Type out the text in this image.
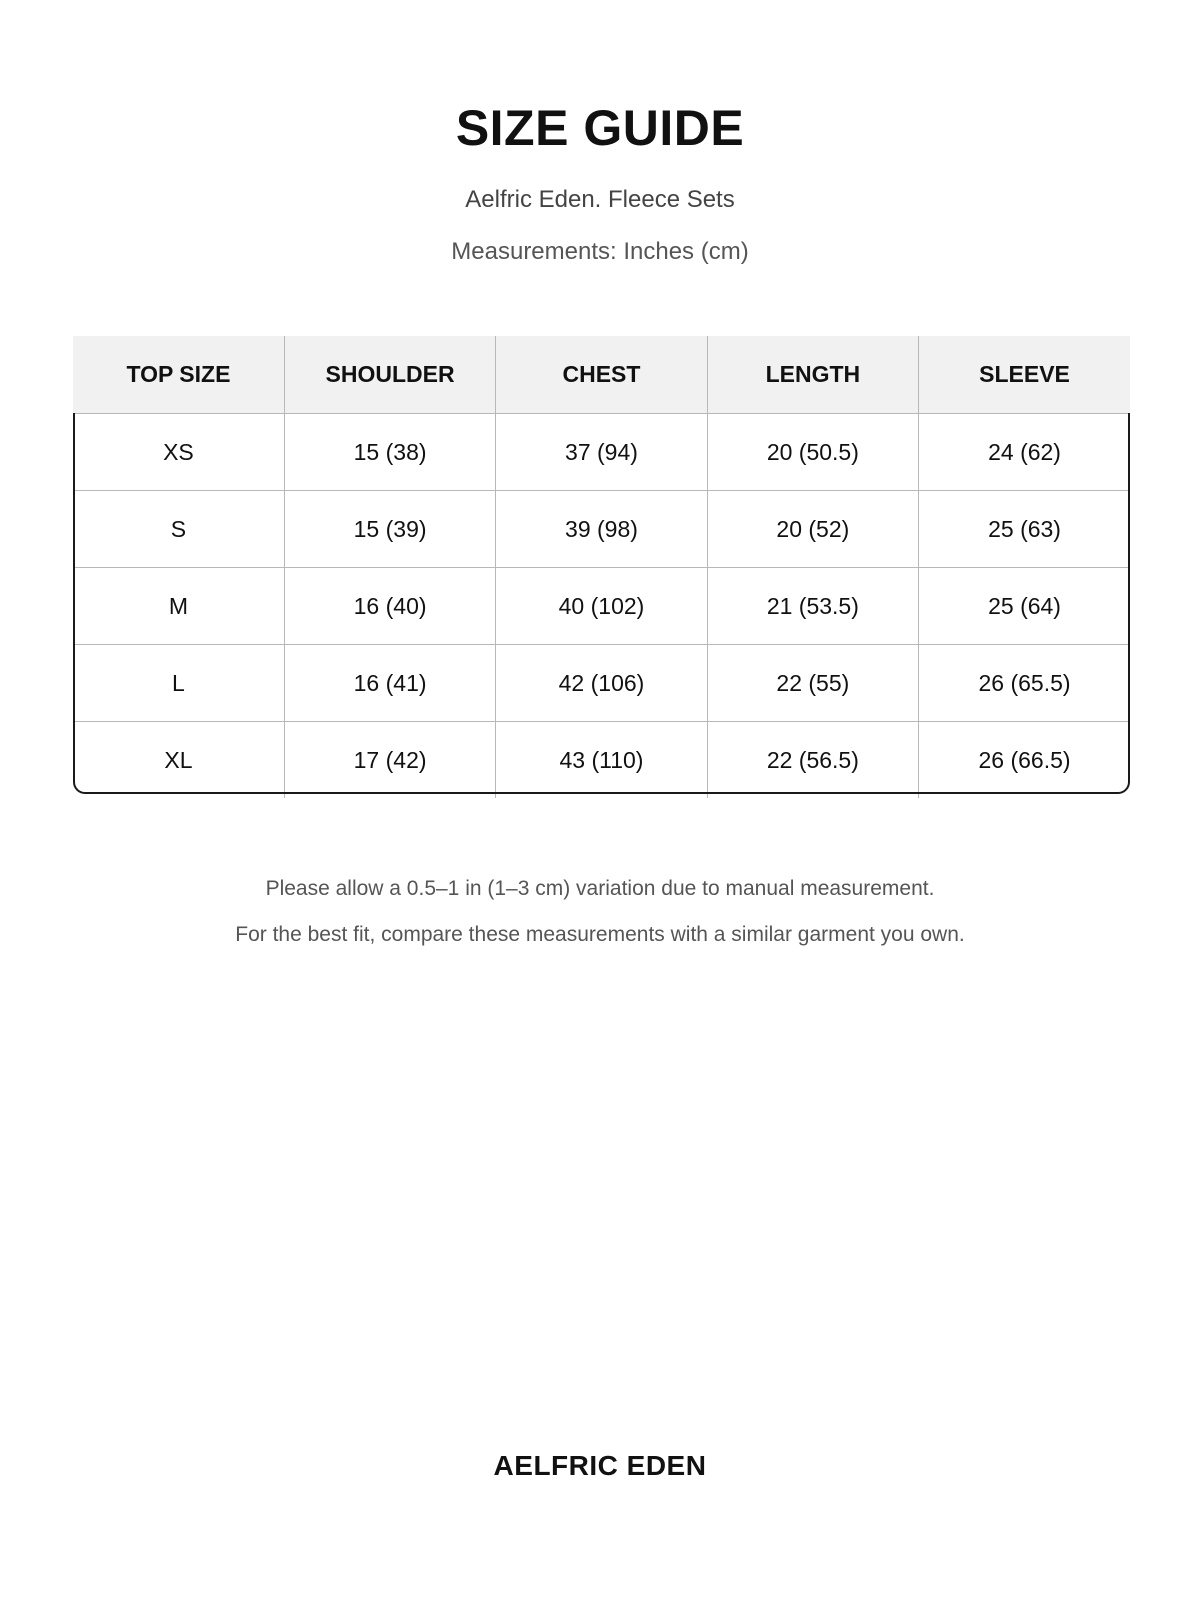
SIZE GUIDE
Aelfric Eden. Fleece Sets
Measurements: Inches (cm)
TOP SIZE	SHOULDER	CHEST	LENGTH	SLEEVE
XS	15 (38)	37 (94)	20 (50.5)	24 (62)
S	15 (39)	39 (98)	20 (52)	25 (63)
M	16 (40)	40 (102)	21 (53.5)	25 (64)
L	16 (41)	42 (106)	22 (55)	26 (65.5)
XL	17 (42)	43 (110)	22 (56.5)	26 (66.5)
Please allow a 0.5–1 in (1–3 cm) variation due to manual measurement.
For the best fit, compare these measurements with a similar garment you own.
AELFRIC EDEN
